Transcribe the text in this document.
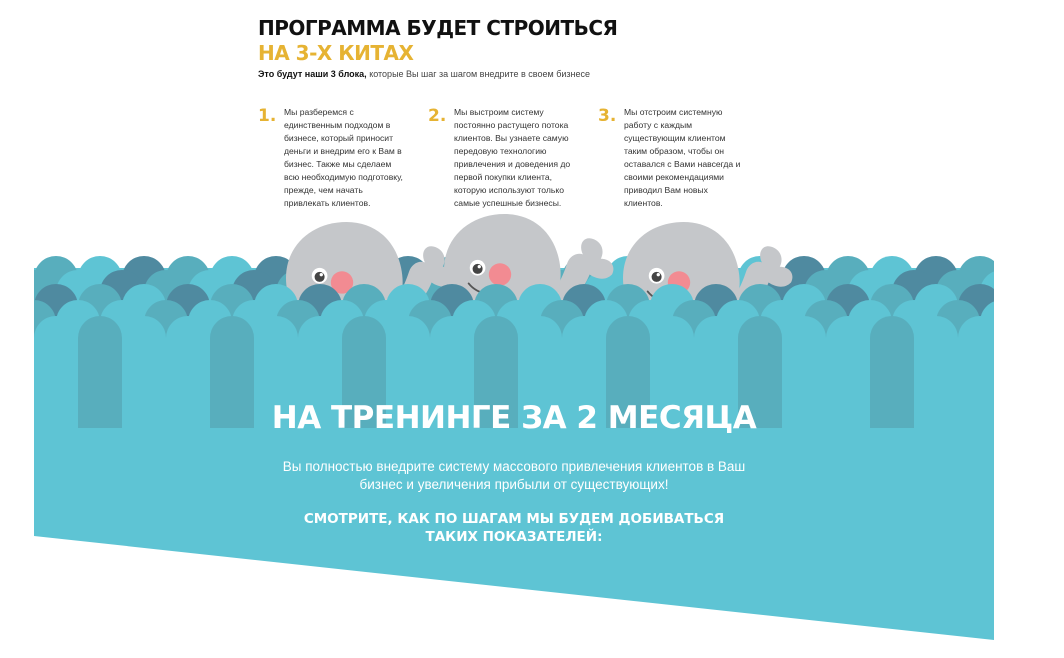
ПРОГРАММА БУДЕТ СТРОИТЬСЯ
НА 3-Х КИТАХ
Это будут наши 3 блока, которые Вы шаг за шагом внедрите в своем бизнесе
1. Мы разберемся с единственным подходом в бизнесе, который приносит деньги и внедрим его к Вам в бизнес. Также мы сделаем всю необходимую подготовку, прежде, чем начать привлекать клиентов.
2. Мы выстроим систему постоянно растущего потока клиентов. Вы узнаете самую передовую технологию привлечения и доведения до первой покупки клиента, которую используют только самые успешные бизнесы.
3. Мы отстроим системную работу с каждым существующим клиентом таким образом, чтобы он оставался с Вами навсегда и своими рекомендациями приводил Вам новых клиентов.
НА ТРЕНИНГЕ ЗА 2 МЕСЯЦА
Вы полностью внедрите систему массового привлечения клиентов в Ваш бизнес и увеличения прибыли от существующих!
СМОТРИТЕ, КАК ПО ШАГАМ МЫ БУДЕМ ДОБИВАТЬСЯ ТАКИХ ПОКАЗАТЕЛЕЙ:
